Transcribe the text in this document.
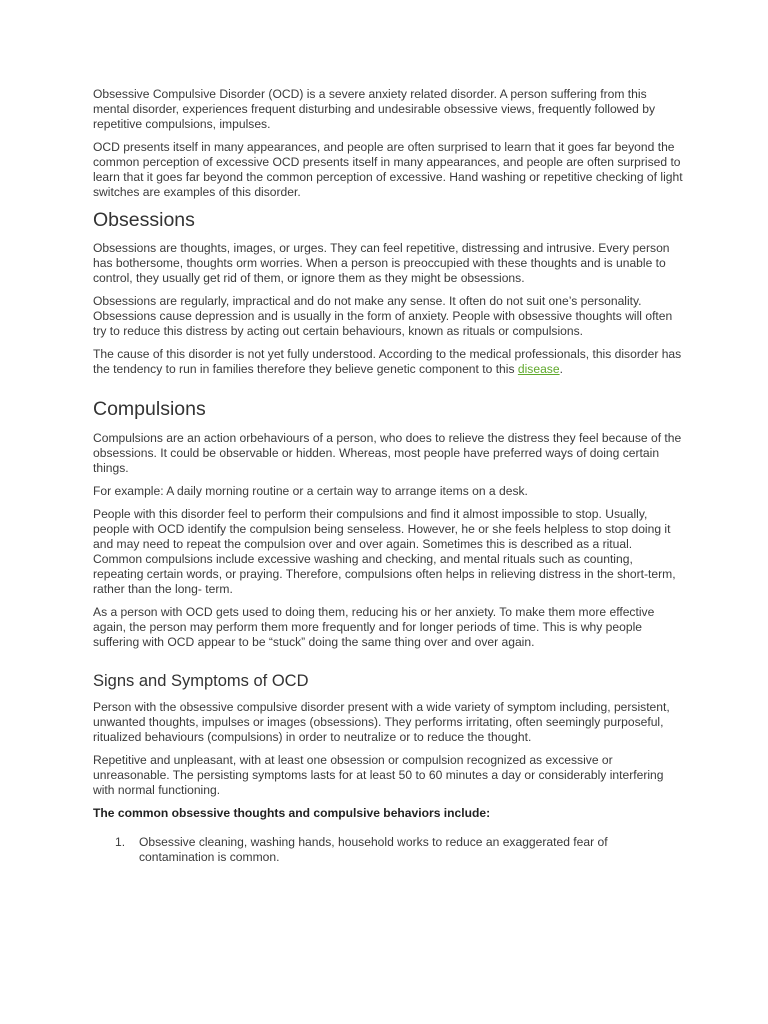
Obsessive Compulsive Disorder (OCD) is a severe anxiety related disorder. A person suffering from this mental disorder, experiences frequent disturbing and undesirable obsessive views, frequently followed by repetitive compulsions, impulses.

OCD presents itself in many appearances, and people are often surprised to learn that it goes far beyond the common perception of excessive OCD presents itself in many appearances, and people are often surprised to learn that it goes far beyond the common perception of excessive. Hand washing or repetitive checking of light switches are examples of this disorder.

Obsessions

Obsessions are thoughts, images, or urges. They can feel repetitive, distressing and intrusive. Every person has bothersome, thoughts orm worries. When a person is preoccupied with these thoughts and is unable to control, they usually get rid of them, or ignore them as they might be obsessions.

Obsessions are regularly, impractical and do not make any sense. It often do not suit one’s personality. Obsessions cause depression and is usually in the form of anxiety. People with obsessive thoughts will often try to reduce this distress by acting out certain behaviours, known as rituals or compulsions.

The cause of this disorder is not yet fully understood. According to the medical professionals, this disorder has the tendency to run in families therefore they believe genetic component to this disease.

Compulsions

Compulsions are an action orbehaviours of a person, who does to relieve the distress they feel because of the obsessions. It could be observable or hidden. Whereas, most people have preferred ways of doing certain things.

For example: A daily morning routine or a certain way to arrange items on a desk.

People with this disorder feel to perform their compulsions and find it almost impossible to stop. Usually, people with OCD identify the compulsion being senseless. However, he or she feels helpless to stop doing it and may need to repeat the compulsion over and over again. Sometimes this is described as a ritual. Common compulsions include excessive washing and checking, and mental rituals such as counting, repeating certain words, or praying. Therefore, compulsions often helps in relieving distress in the short-term, rather than the long- term.

As a person with OCD gets used to doing them, reducing his or her anxiety. To make them more effective again, the person may perform them more frequently and for longer periods of time. This is why people suffering with OCD appear to be “stuck” doing the same thing over and over again.

Signs and Symptoms of OCD

Person with the obsessive compulsive disorder present with a wide variety of symptom including, persistent, unwanted thoughts, impulses or images (obsessions). They performs irritating, often seemingly purposeful, ritualized behaviours (compulsions) in order to neutralize or to reduce the thought.

Repetitive and unpleasant, with at least one obsession or compulsion recognized as excessive or unreasonable. The persisting symptoms lasts for at least 50 to 60 minutes a day or considerably interfering with normal functioning.

The common obsessive thoughts and compulsive behaviors include:

1. Obsessive cleaning, washing hands, household works to reduce an exaggerated fear of contamination is common.
